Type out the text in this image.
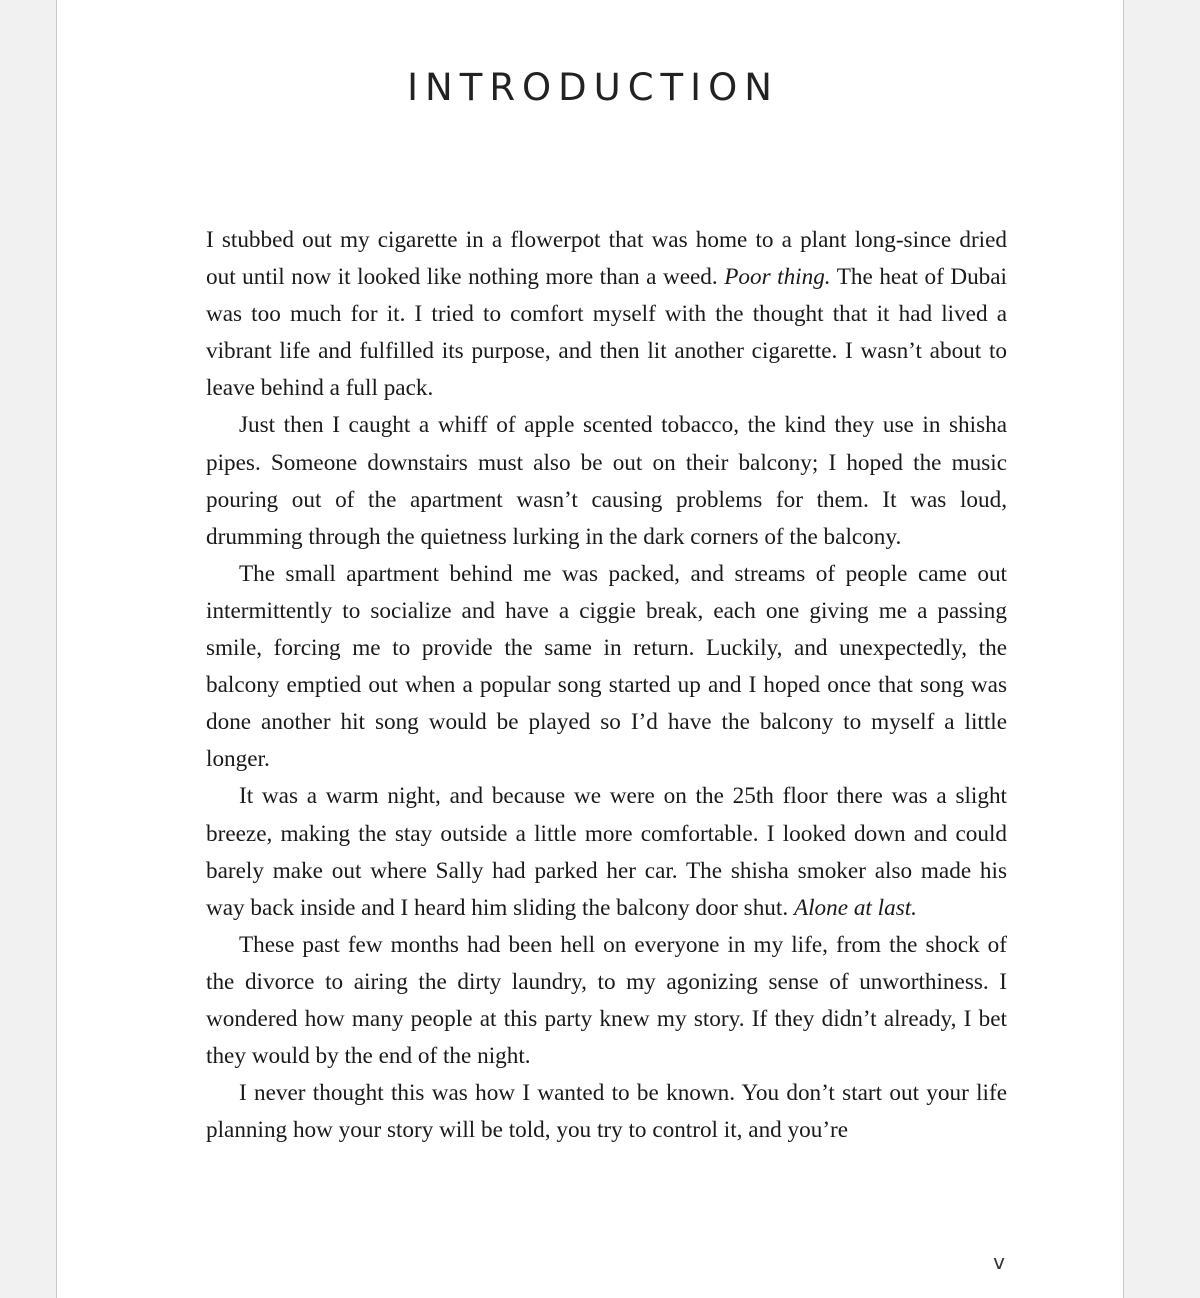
INTRODUCTION

I stubbed out my cigarette in a flowerpot that was home to a plant long-since dried out until now it looked like nothing more than a weed. Poor thing. The heat of Dubai was too much for it. I tried to comfort myself with the thought that it had lived a vibrant life and fulfilled its purpose, and then lit another cigarette. I wasn’t about to leave behind a full pack.

Just then I caught a whiff of apple scented tobacco, the kind they use in shisha pipes. Someone downstairs must also be out on their balcony; I hoped the music pouring out of the apartment wasn’t causing problems for them. It was loud, drumming through the quietness lurking in the dark corners of the balcony.

The small apartment behind me was packed, and streams of people came out intermittently to socialize and have a ciggie break, each one giving me a passing smile, forcing me to provide the same in return. Luckily, and unexpectedly, the balcony emptied out when a popular song started up and I hoped once that song was done another hit song would be played so I’d have the balcony to myself a little longer.

It was a warm night, and because we were on the 25th floor there was a slight breeze, making the stay outside a little more comfortable. I looked down and could barely make out where Sally had parked her car. The shisha smoker also made his way back inside and I heard him sliding the balcony door shut. Alone at last.

These past few months had been hell on everyone in my life, from the shock of the divorce to airing the dirty laundry, to my agonizing sense of unworthiness. I wondered how many people at this party knew my story. If they didn’t already, I bet they would by the end of the night.

I never thought this was how I wanted to be known. You don’t start out your life planning how your story will be told, you try to control it, and you’re

v
